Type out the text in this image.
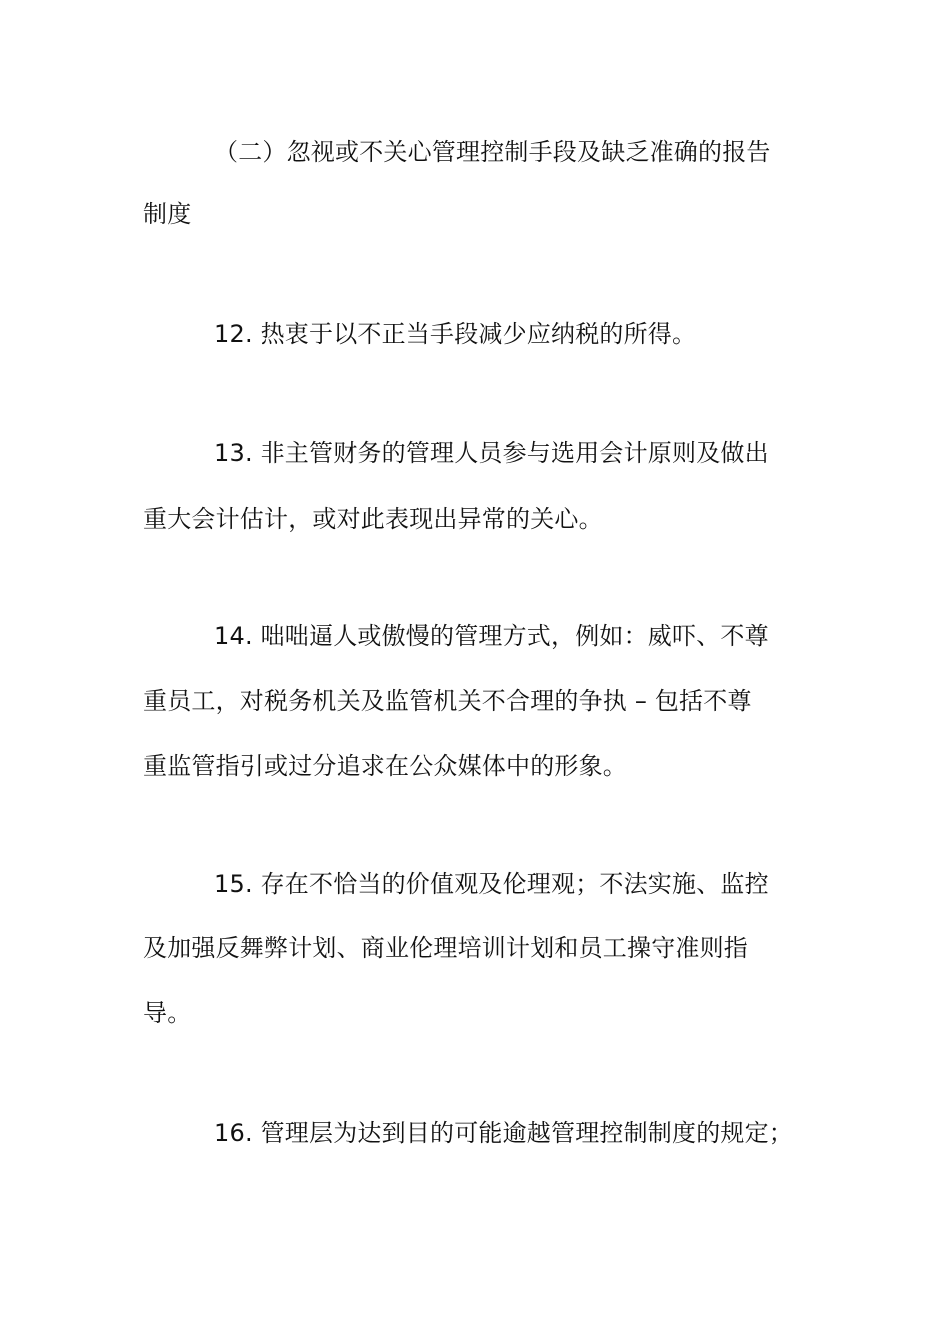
（二）忽视或不关心管理控制手段及缺乏准确的报告
制度
12. 热衷于以不正当手段减少应纳税的所得。
13. 非主管财务的管理人员参与选用会计原则及做出
重大会计估计，或对此表现出异常的关心。
14. 咄咄逼人或傲慢的管理方式，例如：威吓、不尊
重员工，对税务机关及监管机关不合理的争执 – 包括不尊
重监管指引或过分追求在公众媒体中的形象。
15. 存在不恰当的价值观及伦理观；不法实施、监控
及加强反舞弊计划、商业伦理培训计划和员工操守准则指
导。
16. 管理层为达到目的可能逾越管理控制制度的规定；
